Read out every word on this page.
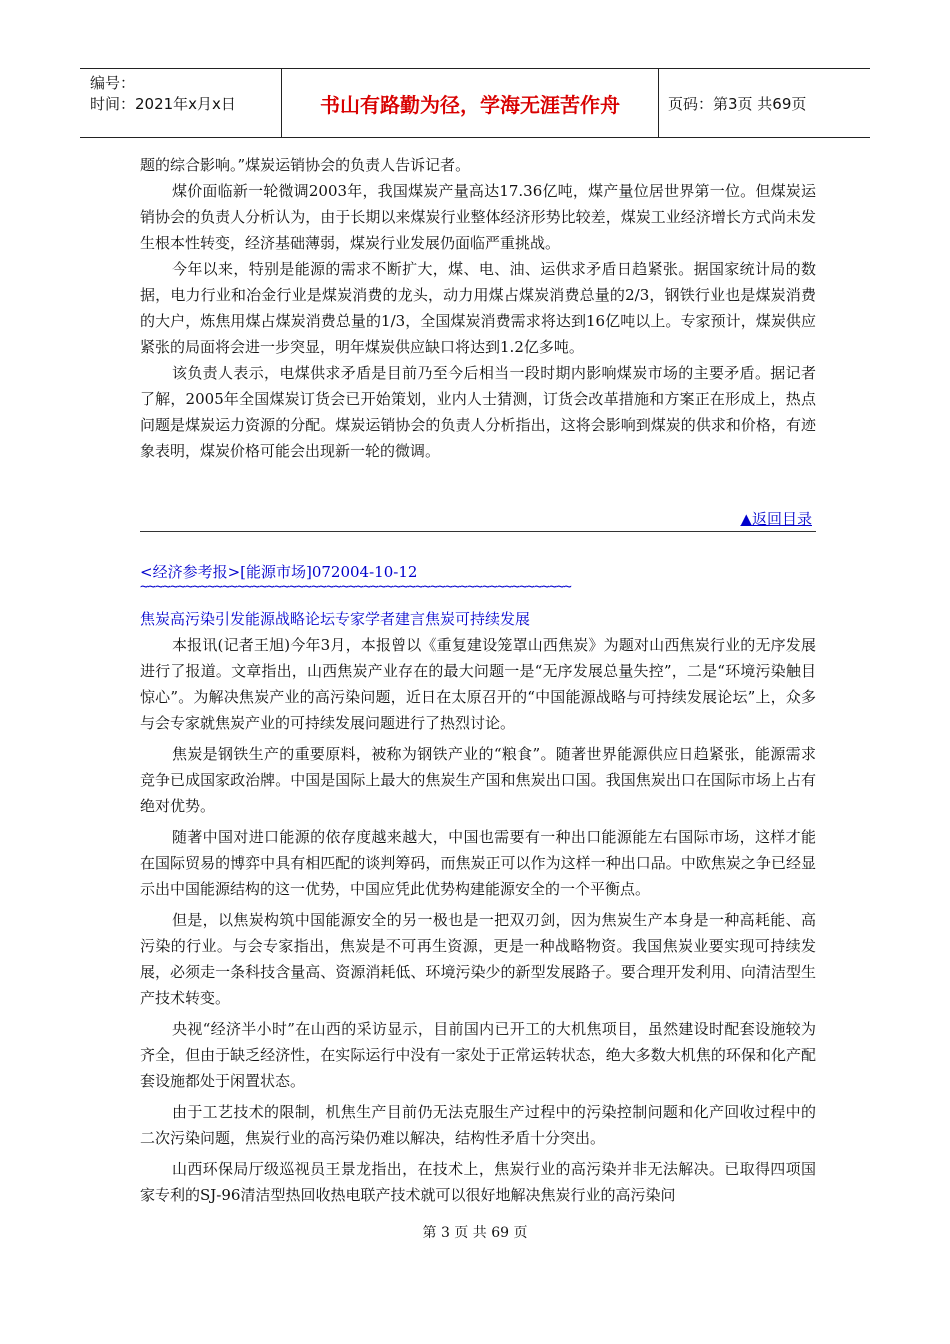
编号：
时间：2021年x月x日	书山有路勤为径，学海无涯苦作舟	页码：第3页 共69页

题的综合影响。”煤炭运销协会的负责人告诉记者。

煤价面临新一轮微调2003年，我国煤炭产量高达17.36亿吨，煤产量位居世界第一位。但煤炭运销协会的负责人分析认为，由于长期以来煤炭行业整体经济形势比较差，煤炭工业经济增长方式尚未发生根本性转变，经济基础薄弱，煤炭行业发展仍面临严重挑战。

今年以来，特别是能源的需求不断扩大，煤、电、油、运供求矛盾日趋紧张。据国家统计局的数据，电力行业和冶金行业是煤炭消费的龙头，动力用煤占煤炭消费总量的2/3，钢铁行业也是煤炭消费的大户，炼焦用煤占煤炭消费总量的1/3，全国煤炭消费需求将达到16亿吨以上。专家预计，煤炭供应紧张的局面将会进一步突显，明年煤炭供应缺口将达到1.2亿多吨。

该负责人表示，电煤供求矛盾是目前乃至今后相当一段时期内影响煤炭市场的主要矛盾。据记者了解，2005年全国煤炭订货会已开始策划，业内人士猜测，订货会改革措施和方案正在形成上，热点问题是煤炭运力资源的分配。煤炭运销协会的负责人分析指出，这将会影响到煤炭的供求和价格，有迹象表明，煤炭价格可能会出现新一轮的微调。

▲返回目录
<经济参考报>[能源市场]072004-10-12
~~~~~~~~~~~~~~~~~~~~~~~~~~~~~~~~~~~~~~~~~~~~~~~~~~~~~~~~~~
焦炭高污染引发能源战略论坛专家学者建言焦炭可持续发展

本报讯(记者王旭)今年3月，本报曾以《重复建设笼罩山西焦炭》为题对山西焦炭行业的无序发展进行了报道。文章指出，山西焦炭产业存在的最大问题一是“无序发展总量失控”，二是“环境污染触目惊心”。为解决焦炭产业的高污染问题，近日在太原召开的“中国能源战略与可持续发展论坛”上，众多与会专家就焦炭产业的可持续发展问题进行了热烈讨论。

焦炭是钢铁生产的重要原料，被称为钢铁产业的“粮食”。随著世界能源供应日趋紧张，能源需求竞争已成国家政治牌。中国是国际上最大的焦炭生产国和焦炭出口国。我国焦炭出口在国际市场上占有绝对优势。

随著中国对进口能源的依存度越来越大，中国也需要有一种出口能源能左右国际市场，这样才能在国际贸易的博弈中具有相匹配的谈判筹码，而焦炭正可以作为这样一种出口品。中欧焦炭之争已经显示出中国能源结构的这一优势，中国应凭此优势构建能源安全的一个平衡点。

但是，以焦炭构筑中国能源安全的另一极也是一把双刃剑，因为焦炭生产本身是一种高耗能、高污染的行业。与会专家指出，焦炭是不可再生资源，更是一种战略物资。我国焦炭业要实现可持续发展，必须走一条科技含量高、资源消耗低、环境污染少的新型发展路子。要合理开发利用、向清洁型生产技术转变。

央视“经济半小时”在山西的采访显示，目前国内已开工的大机焦项目，虽然建设时配套设施较为齐全，但由于缺乏经济性，在实际运行中没有一家处于正常运转状态，绝大多数大机焦的环保和化产配套设施都处于闲置状态。

由于工艺技术的限制，机焦生产目前仍无法克服生产过程中的污染控制问题和化产回收过程中的二次污染问题，焦炭行业的高污染仍难以解决，结构性矛盾十分突出。

山西环保局厅级巡视员王景龙指出，在技术上，焦炭行业的高污染并非无法解决。已取得四项国家专利的SJ-96清洁型热回收热电联产技术就可以很好地解决焦炭行业的高污染问

第 3 页 共 69 页
